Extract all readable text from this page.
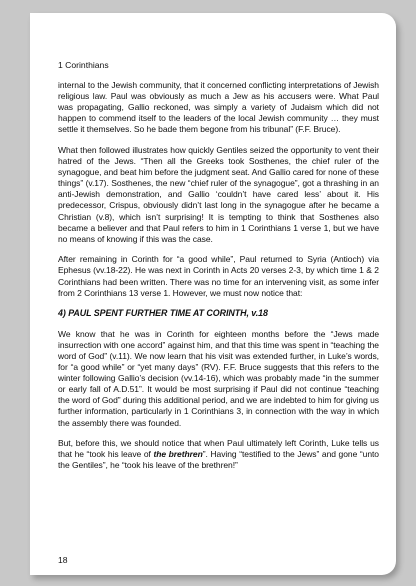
1 Corinthians

internal to the Jewish community, that it concerned conflicting interpretations of Jewish religious law. Paul was obviously as much a Jew as his accusers were. What Paul was propagating, Gallio reckoned, was simply a variety of Judaism which did not happen to commend itself to the leaders of the local Jewish community … they must settle it themselves. So he bade them begone from his tribunal” (F.F. Bruce).

What then followed illustrates how quickly Gentiles seized the opportunity to vent their hatred of the Jews. “Then all the Greeks took Sosthenes, the chief ruler of the synagogue, and beat him before the judgment seat. And Gallio cared for none of these things” (v.17). Sosthenes, the new “chief ruler of the synagogue”, got a thrashing in an anti-Jewish demonstration, and Gallio ‘couldn’t have cared less’ about it. His predecessor, Crispus, obviously didn’t last long in the synagogue after he became a Christian (v.8), which isn’t surprising! It is tempting to think that Sosthenes also became a believer and that Paul refers to him in 1 Corinthians 1 verse 1, but we have no means of knowing if this was the case.

After remaining in Corinth for “a good while”, Paul returned to Syria (Antioch) via Ephesus (vv.18-22). He was next in Corinth in Acts 20 verses 2-3, by which time 1 & 2 Corinthians had been written. There was no time for an intervening visit, as some infer from 2 Corinthians 13 verse 1. However, we must now notice that:

4) PAUL SPENT FURTHER TIME AT CORINTH, v.18

We know that he was in Corinth for eighteen months before the “Jews made insurrection with one accord” against him, and that this time was spent in “teaching the word of God” (v.11). We now learn that his visit was extended further, in Luke’s words, for “a good while” or “yet many days” (RV). F.F. Bruce suggests that this refers to the winter following Gallio’s decision (vv.14-16), which was probably made “in the summer or early fall of A.D.51”. It would be most surprising if Paul did not continue “teaching the word of God” during this additional period, and we are indebted to him for giving us further information, particularly in 1 Corinthians 3, in connection with the way in which the assembly there was founded.

But, before this, we should notice that when Paul ultimately left Corinth, Luke tells us that he “took his leave of the brethren”. Having “testified to the Jews” and gone “unto the Gentiles”, he “took his leave of the brethren!”

18
